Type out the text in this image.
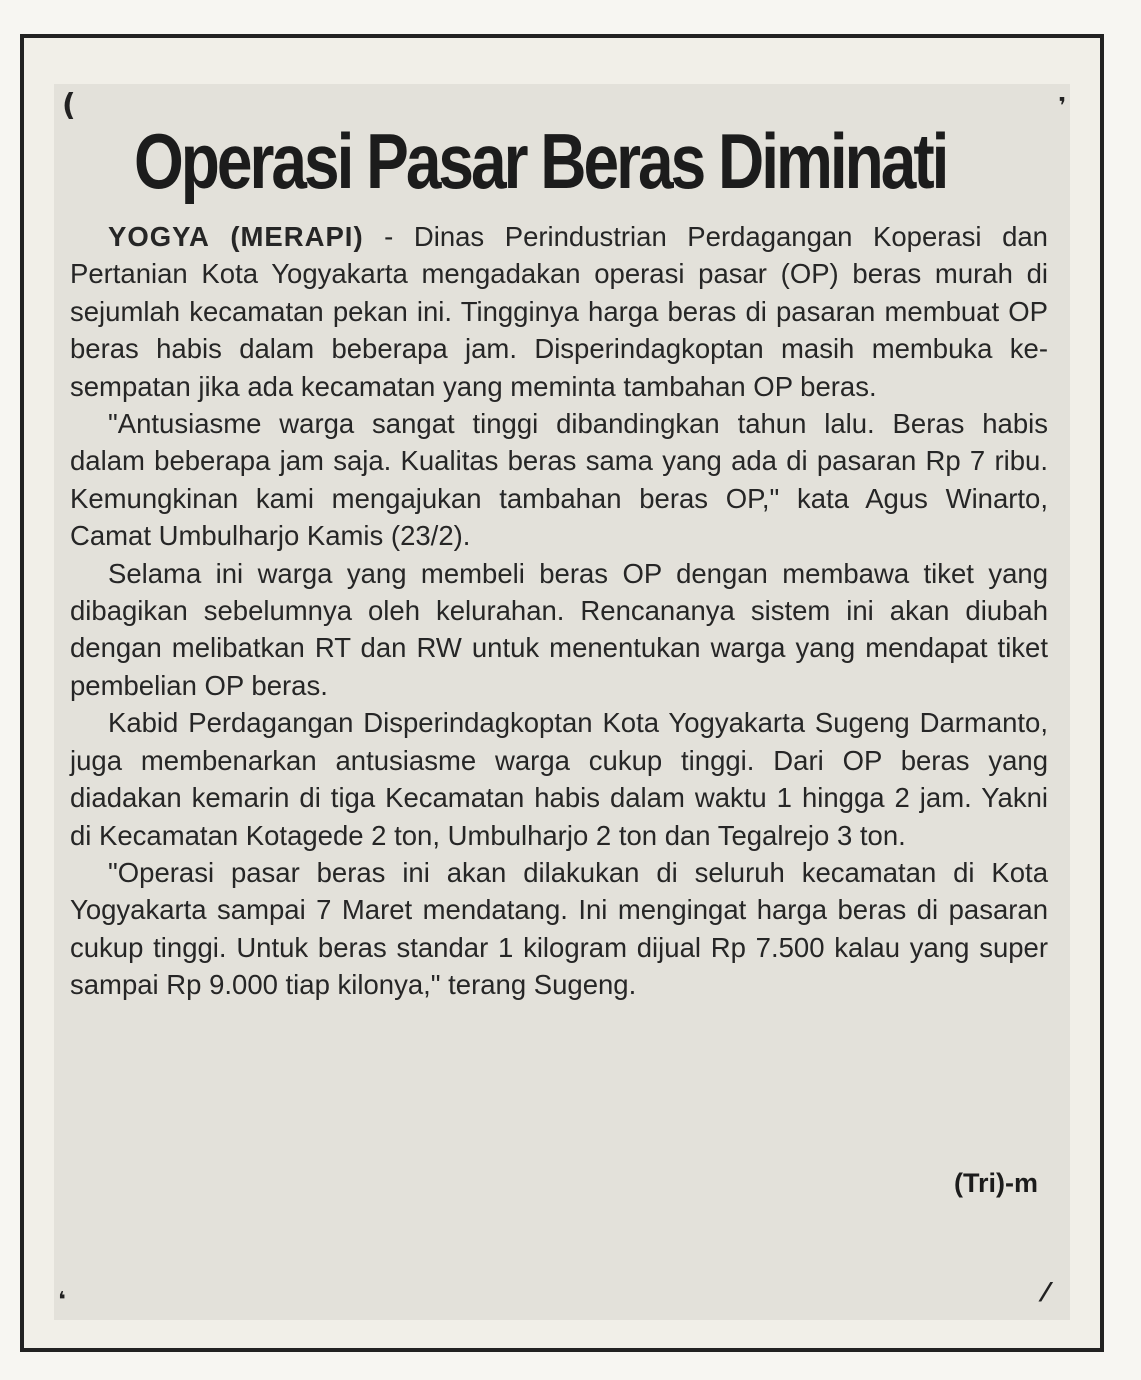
Operasi Pasar Beras Diminati

YOGYA (MERAPI) - Dinas Perindustrian Perdagangan Koperasi dan Pertanian Kota Yogyakarta mengadakan operasi pasar (OP) beras murah di sejumlah kecamatan pekan ini. Tingginya harga beras di pasaran membuat OP beras habis dalam beberapa jam. Disperindagkoptan masih membuka kesempatan jika ada kecamatan yang meminta tambahan OP beras.

"Antusiasme warga sangat tinggi dibandingkan tahun lalu. Beras habis dalam beberapa jam saja. Kualitas beras sama yang ada di pasaran Rp 7 ribu. Kemungkinan kami mengajukan tambahan beras OP," kata Agus Winarto, Camat Umbulharjo Kamis (23/2).

Selama ini warga yang membeli beras OP dengan membawa tiket yang dibagikan sebelumnya oleh kelurahan. Rencananya sistem ini akan diubah dengan melibatkan RT dan RW untuk menentukan warga yang mendapat tiket pembelian OP beras.

Kabid Perdagangan Disperindagkoptan Kota Yogyakarta Sugeng Darmanto, juga membenarkan antusiasme warga cukup tinggi. Dari OP beras yang diadakan kemarin di tiga Kecamatan habis dalam waktu 1 hingga 2 jam. Yakni di Kecamatan Kotagede 2 ton, Umbulharjo 2 ton dan Tegalrejo 3 ton.

"Operasi pasar beras ini akan dilakukan di seluruh kecamatan di Kota Yogyakarta sampai 7 Maret mendatang. Ini mengingat harga beras di pasaran cukup tinggi. Untuk beras standar 1 kilogram dijual Rp 7.500 kalau yang super sampai Rp 9.000 tiap kilonya," terang Sugeng.

(Tri)-m
(	❜
❛	⁄
